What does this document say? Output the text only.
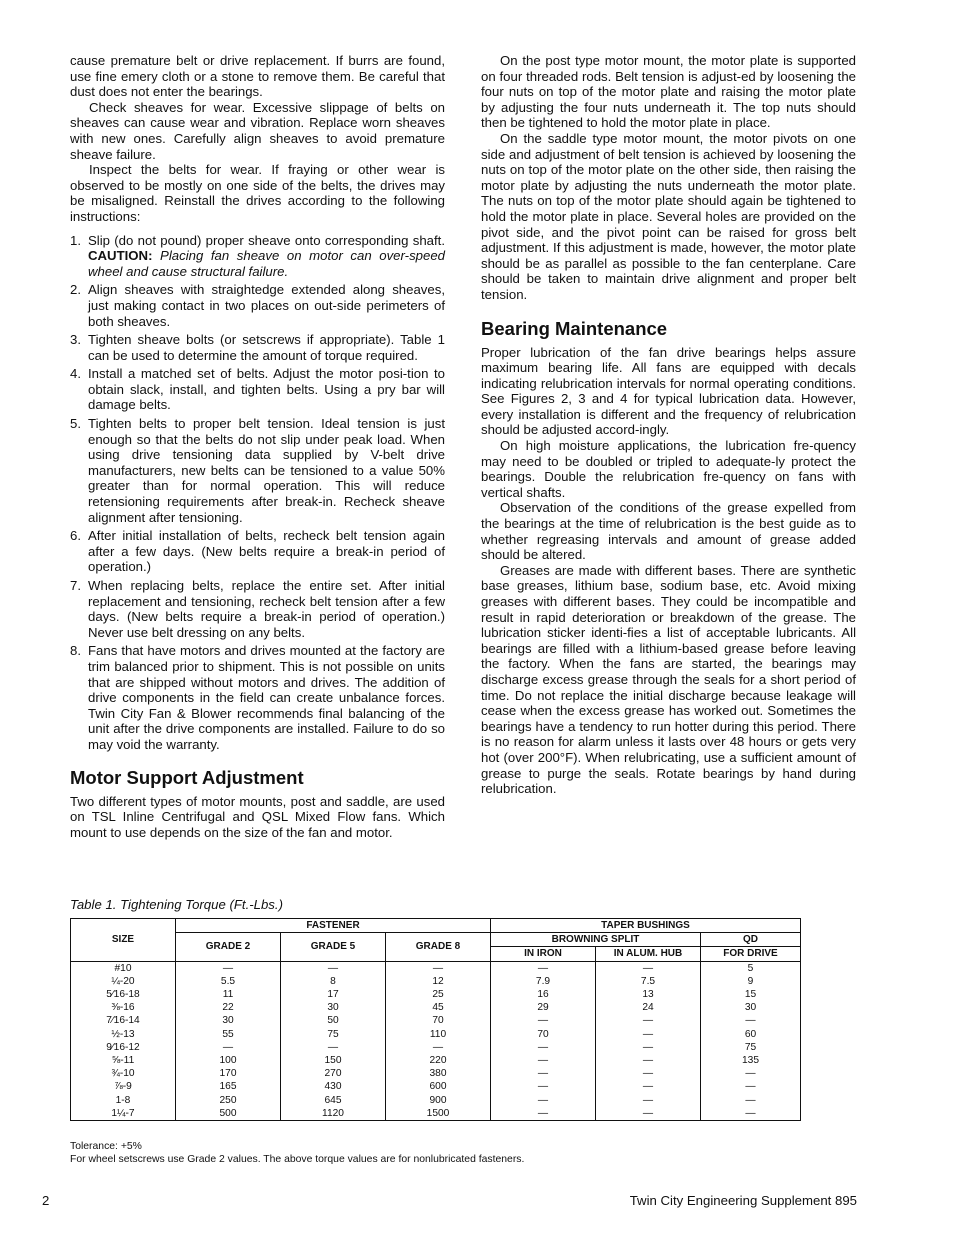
cause premature belt or drive replacement. If burrs are found, use fine emery cloth or a stone to remove them. Be careful that dust does not enter the bearings.

Check sheaves for wear. Excessive slippage of belts on sheaves can cause wear and vibration. Replace worn sheaves with new ones. Carefully align sheaves to avoid premature sheave failure.

Inspect the belts for wear. If fraying or other wear is observed to be mostly on one side of the belts, the drives may be misaligned. Reinstall the drives according to the following instructions:

1. Slip (do not pound) proper sheave onto corresponding shaft. CAUTION: Placing fan sheave on motor can over-speed wheel and cause structural failure.
2. Align sheaves with straightedge extended along sheaves, just making contact in two places on out-side perimeters of both sheaves.
3. Tighten sheave bolts (or setscrews if appropriate). Table 1 can be used to determine the amount of torque required.
4. Install a matched set of belts. Adjust the motor posi-tion to obtain slack, install, and tighten belts. Using a pry bar will damage belts.
5. Tighten belts to proper belt tension. Ideal tension is just enough so that the belts do not slip under peak load. When using drive tensioning data supplied by V-belt drive manufacturers, new belts can be tensioned to a value 50% greater than for normal operation. This will reduce retensioning requirements after break-in. Recheck sheave alignment after tensioning.
6. After initial installation of belts, recheck belt tension again after a few days. (New belts require a break-in period of operation.)
7. When replacing belts, replace the entire set. After initial replacement and tensioning, recheck belt tension after a few days. (New belts require a break-in period of operation.) Never use belt dressing on any belts.
8. Fans that have motors and drives mounted at the factory are trim balanced prior to shipment. This is not possible on units that are shipped without motors and drives. The addition of drive components in the field can create unbalance forces. Twin City Fan & Blower recommends final balancing of the unit after the drive components are installed. Failure to do so may void the warranty.
Motor Support Adjustment

Two different types of motor mounts, post and saddle, are used on TSL Inline Centrifugal and QSL Mixed Flow fans. Which mount to use depends on the size of the fan and motor.

On the post type motor mount, the motor plate is supported on four threaded rods. Belt tension is adjust-ed by loosening the four nuts on top of the motor plate and raising the motor plate by adjusting the four nuts underneath it. The top nuts should then be tightened to hold the motor plate in place.

On the saddle type motor mount, the motor pivots on one side and adjustment of belt tension is achieved by loosening the nuts on top of the motor plate on the other side, then raising the motor plate by adjusting the nuts underneath the motor plate. The nuts on top of the motor plate should again be tightened to hold the motor plate in place. Several holes are provided on the pivot side, and the pivot point can be raised for gross belt adjustment. If this adjustment is made, however, the motor plate should be as parallel as possible to the fan centerplane. Care should be taken to maintain drive alignment and proper belt tension.

Bearing Maintenance

Proper lubrication of the fan drive bearings helps assure maximum bearing life. All fans are equipped with decals indicating relubrication intervals for normal operating conditions. See Figures 2, 3 and 4 for typical lubrication data. However, every installation is different and the frequency of relubrication should be adjusted accord-ingly.

On high moisture applications, the lubrication fre-quency may need to be doubled or tripled to adequate-ly protect the bearings. Double the relubrication fre-quency on fans with vertical shafts.

Observation of the conditions of the grease expelled from the bearings at the time of relubrication is the best guide as to whether regreasing intervals and amount of grease added should be altered.

Greases are made with different bases. There are synthetic base greases, lithium base, sodium base, etc. Avoid mixing greases with different bases. They could be incompatible and result in rapid deterioration or breakdown of the grease. The lubrication sticker identi-fies a list of acceptable lubricants. All bearings are filled with a lithium-based grease before leaving the factory. When the fans are started, the bearings may discharge excess grease through the seals for a short period of time. Do not replace the initial discharge because leakage will cease when the excess grease has worked out. Sometimes the bearings have a tendency to run hotter during this period. There is no reason for alarm unless it lasts over 48 hours or gets very hot (over 200°F). When relubricating, use a sufficient amount of grease to purge the seals. Rotate bearings by hand during relubrication.

Table 1. Tightening Torque (Ft.-Lbs.)
SIZE	FASTENER			TAPER BUSHINGS		
	GRADE 2	GRADE 5	GRADE 8	BROWNING SPLIT		QD
				IN IRON	IN ALUM. HUB	FOR DRIVE
#10	—	—	—	—	—	5
¼-20	5.5	8	12	7.9	7.5	9
5⁄16-18	11	17	25	16	13	15
⅜-16	22	30	45	29	24	30
7⁄16-14	30	50	70	—	—	—
½-13	55	75	110	70	—	60
9⁄16-12	—	—	—	—	—	75
⅝-11	100	150	220	—	—	135
¾-10	170	270	380	—	—	—
⅞-9	165	430	600	—	—	—
1-8	250	645	900	—	—	—
1¼-7	500	1120	1500	—	—	—
Tolerance: +5%
For wheel setscrews use Grade 2 values. The above torque values are for nonlubricated fasteners.
2	Twin City Engineering Supplement 895
